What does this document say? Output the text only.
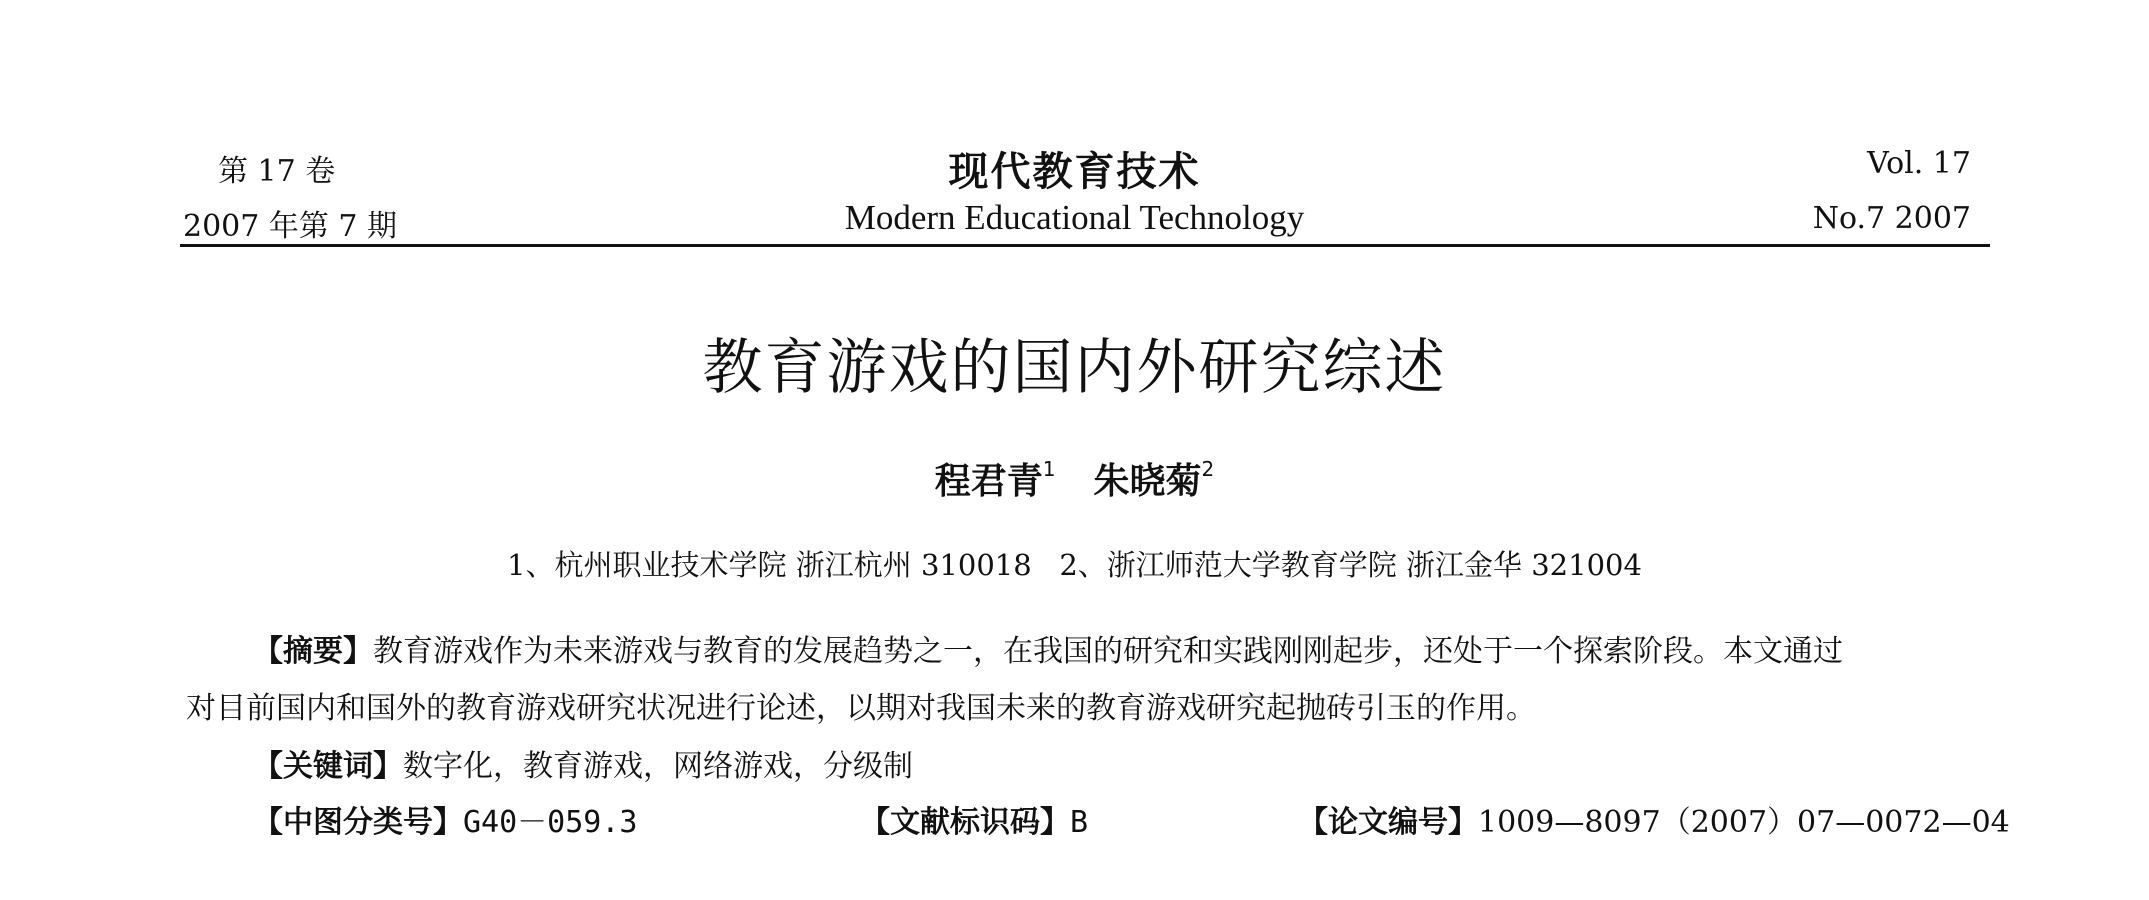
第 17 卷
2007 年第 7 期
现代教育技术
Modern Educational Technology
Vol. 17
No.7 2007
教育游戏的国内外研究综述
程君青$^1$ 朱晓菊$^2$
1、杭州职业技术学院 浙江杭州 310018   2、浙江师范大学教育学院 浙江金华 321004
【摘要】教育游戏作为未来游戏与教育的发展趋势之一，在我国的研究和实践刚刚起步，还处于一个探索阶段。本文通过
对目前国内和国外的教育游戏研究状况进行论述，以期对我国未来的教育游戏研究起抛砖引玉的作用。
【关键词】数字化，教育游戏，网络游戏，分级制
【中图分类号】G40－059.3	【文献标识码】B	【论文编号】1009—8097（2007）07—0072—04
